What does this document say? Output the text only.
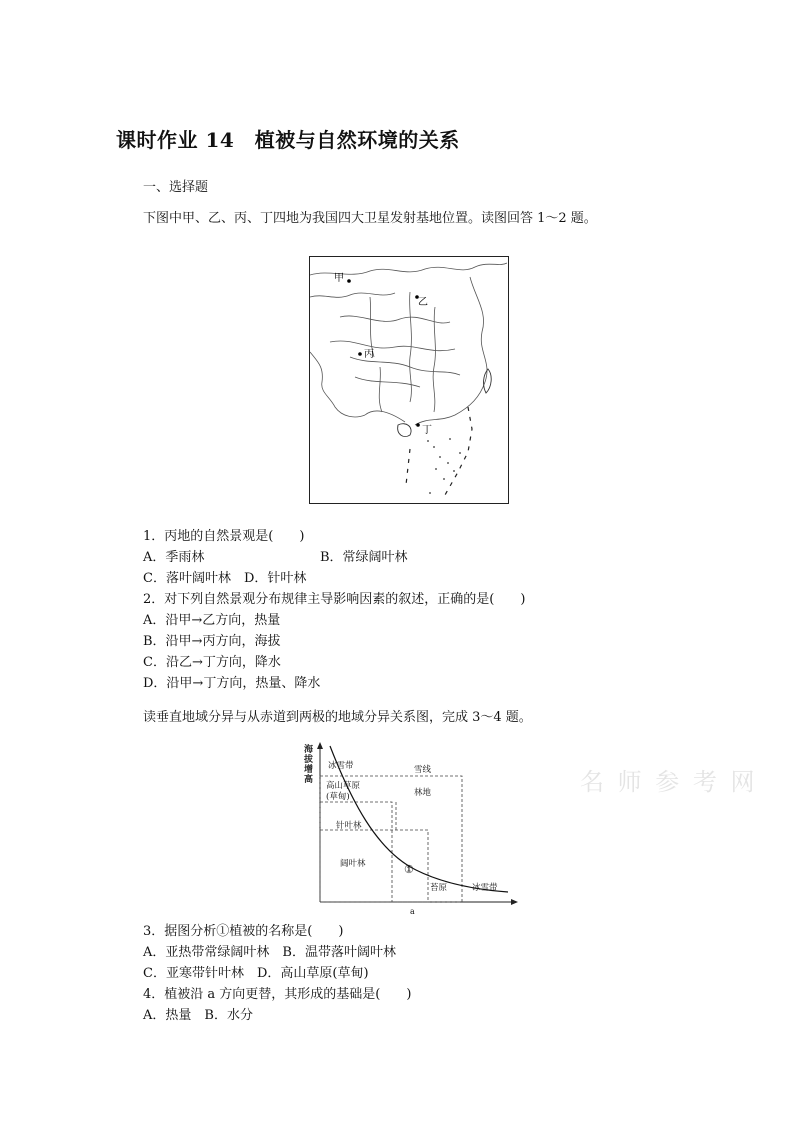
课时作业 14　植被与自然环境的关系
一、选择题
下图中甲、乙、丙、丁四地为我国四大卫星发射基地位置。读图回答 1～2 题。
甲
乙
丙
丁
1．丙地的自然景观是(　　)
A．季雨林	B．常绿阔叶林
C．落叶阔叶林　D．针叶林
2．对下列自然景观分布规律主导影响因素的叙述，正确的是(　　)
A．沿甲→乙方向，热量
B．沿甲→丙方向，海拔
C．沿乙→丁方向，降水
D．沿甲→丁方向，热量、降水
读垂直地域分异与从赤道到两极的地域分异关系图，完成 3～4 题。
海拔增高
冰雪带	雪线
高山草原
(草甸)	林地
针叶林
阔叶林	①
苔原	冰雪带
a
名 师 参 考 网
3．据图分析①植被的名称是(　　)
A．亚热带常绿阔叶林　B．温带落叶阔叶林
C．亚寒带针叶林　D．高山草原(草甸)
4．植被沿 a 方向更替，其形成的基础是(　　)
A．热量　B．水分
